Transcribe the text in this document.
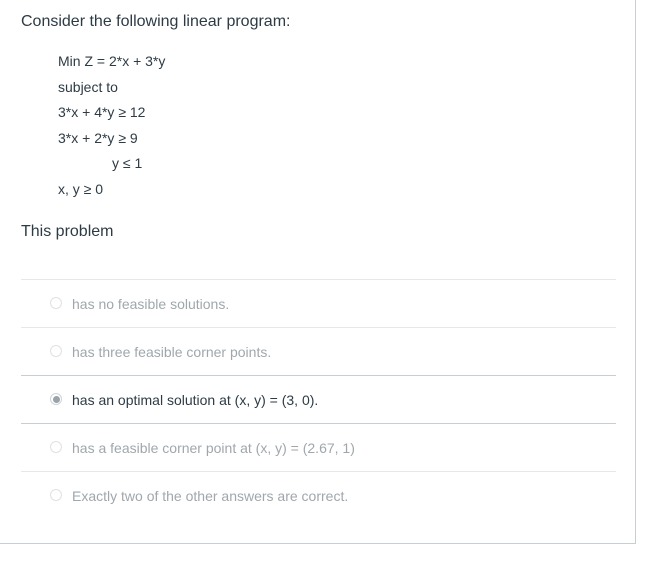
Consider the following linear program:
Min Z = 2*x + 3*y
subject to
3*x + 4*y ≥ 12
3*x + 2*y ≥ 9
y ≤ 1
x, y ≥ 0
This problem
has no feasible solutions.
has three feasible corner points.
has an optimal solution at (x, y) = (3, 0).
has a feasible corner point at (x, y) = (2.67, 1)
Exactly two of the other answers are correct.
